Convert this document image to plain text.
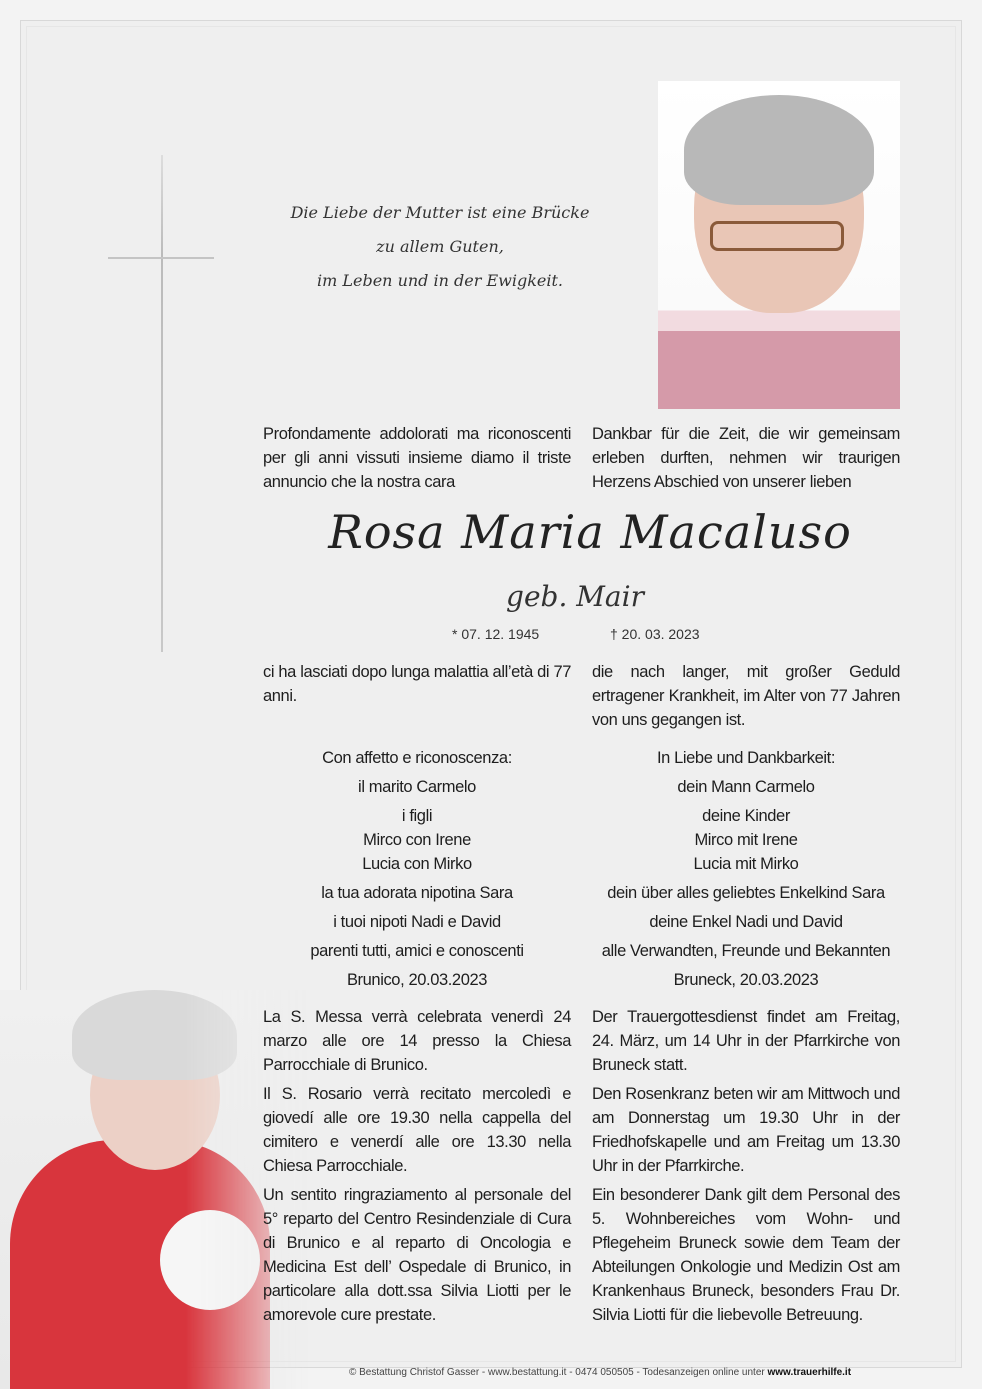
Die Liebe der Mutter ist eine Brücke
zu allem Guten,
im Leben und in der Ewigkeit.
Profondamente addolorati ma riconoscenti per gli anni vissuti insieme diamo il triste annuncio che la nostra cara
Dankbar für die Zeit, die wir gemeinsam erleben durften, nehmen wir traurigen Herzens Abschied von unserer lieben
Rosa Maria Macaluso
geb. Mair
* 07. 12. 1945	† 20. 03. 2023
ci ha lasciati dopo lunga malattia all’età di 77 anni.
die nach langer, mit großer Geduld ertragener Krankheit, im Alter von 77 Jahren von uns gegangen ist.
Con affetto e riconoscenza:
il marito Carmelo
i figli
Mirco con Irene
Lucia con Mirko
la tua adorata nipotina Sara
i tuoi nipoti Nadi e David
parenti tutti, amici e conoscenti
Brunico, 20.03.2023
In Liebe und Dankbarkeit:
dein Mann Carmelo
deine Kinder
Mirco mit Irene
Lucia mit Mirko
dein über alles geliebtes Enkelkind Sara
deine Enkel Nadi und David
alle Verwandten, Freunde und Bekannten
Bruneck, 20.03.2023

La S. Messa verrà celebrata venerdì 24 marzo alle ore 14 presso la Chiesa Parrocchiale di Brunico.

Il S. Rosario verrà recitato mercoledì e giovedí alle ore 19.30 nella cappella del cimitero e venerdí alle ore 13.30 nella Chiesa Parrocchiale.

Un sentito ringraziamento al personale del 5° reparto del Centro Resindenziale di Cura di Brunico e al reparto di Oncologia e Medicina Est dell’ Ospedale di Brunico, in particolare alla dott.ssa Silvia Liotti per le amorevole cure prestate.

Der Trauergottesdienst findet am Freitag, 24. März, um 14 Uhr in der Pfarrkirche von Bruneck statt.

Den Rosenkranz beten wir am Mittwoch und am Donnerstag um 19.30 Uhr in der Friedhofskapelle und am Freitag um 13.30 Uhr in der Pfarrkirche.

Ein besonderer Dank gilt dem Personal des 5. Wohnbereiches vom Wohn- und Pflegeheim Bruneck sowie dem Team der Abteilungen Onkologie und Medizin Ost am Krankenhaus Bruneck, besonders Frau Dr. Silvia Liotti für die liebevolle Betreuung.

© Bestattung Christof Gasser - www.bestattung.it - 0474 050505 - Todesanzeigen online unter www.trauerhilfe.it
